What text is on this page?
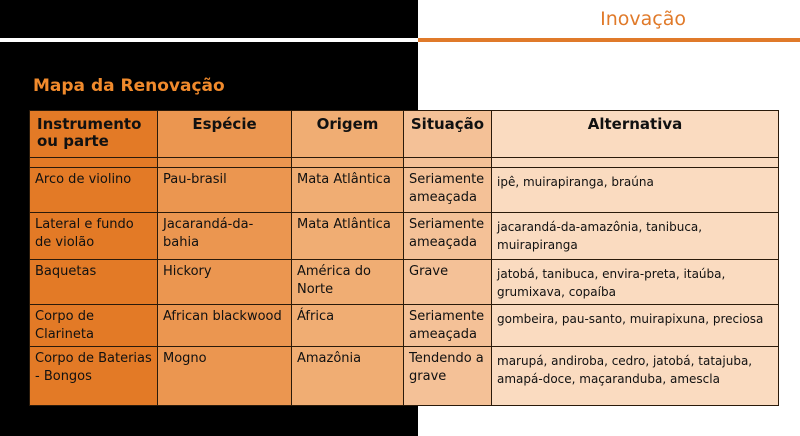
Inovação
Mapa da Renovação
Instrumento ou parte	Espécie	Origem	Situação	Alternativa

Arco de violino	Pau-brasil	Mata Atlântica	Seriamente ameaçada	ipê, muirapiranga, braúna
Lateral e fundo de violão	Jacarandá-da-bahia	Mata Atlântica	Seriamente ameaçada	jacarandá-da-amazônia, tanibuca, muirapiranga
Baquetas	Hickory	América do Norte	Grave	jatobá, tanibuca, envira-preta, itaúba, grumixava, copaíba
Corpo de Clarineta	African blackwood	África	Seriamente ameaçada	gombeira, pau-santo, muirapixuna, preciosa
Corpo de Baterias - Bongos	Mogno	Amazônia	Tendendo a grave	marupá, andiroba, cedro, jatobá, tatajuba, amapá-doce, maçaranduba, amescla
